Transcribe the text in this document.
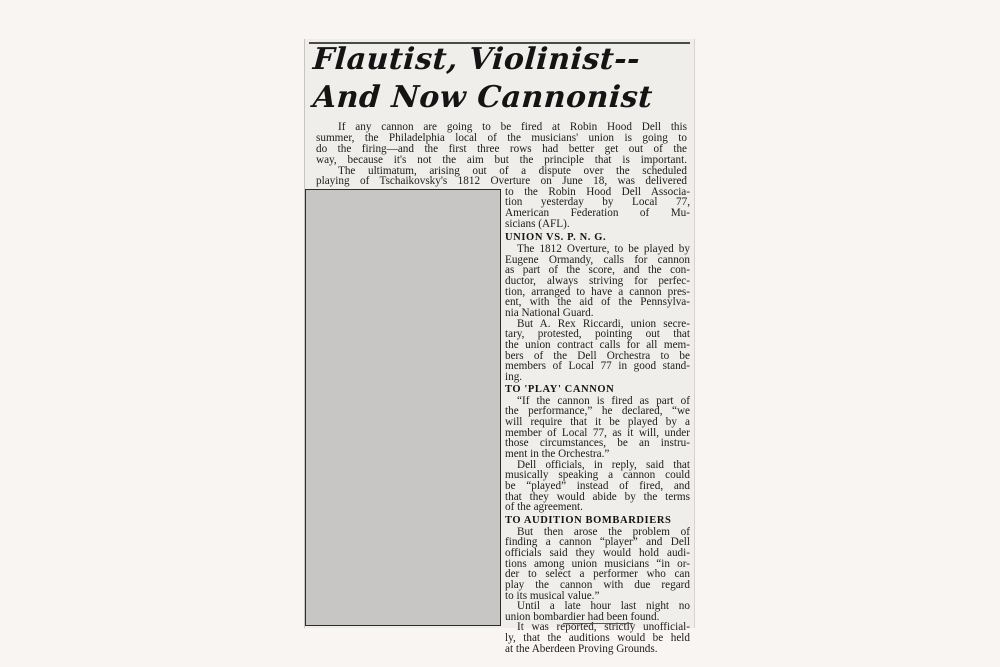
Flautist, Violinist--
And Now Cannonist

If any cannon are going to be fired at Robin Hood Dell this

summer, the Philadelphia local of the musicians' union is going to

do the firing—and the first three rows had better get out of the

way, because it's not the aim but the principle that is important.

The ultimatum, arising out of a dispute over the scheduled

playing of Tschaikovsky's 1812 Overture on June 18, was delivered

to the Robin Hood Dell Associa-

tion yesterday by Local 77,

American Federation of Mu-

sicians (AFL).

UNION VS. P. N. G.

The 1812 Overture, to be played by

Eugene Ormandy, calls for cannon

as part of the score, and the con-

ductor, always striving for perfec-

tion, arranged to have a cannon pres-

ent, with the aid of the Pennsylva-

nia National Guard.

But A. Rex Riccardi, union secre-

tary, protested, pointing out that

the union contract calls for all mem-

bers of the Dell Orchestra to be

members of Local 77 in good stand-

ing.

TO 'PLAY' CANNON

“If the cannon is fired as part of

the performance,” he declared, “we

will require that it be played by a

member of Local 77, as it will, under

those circumstances, be an instru-

ment in the Orchestra.”

Dell officials, in reply, said that

musically speaking a cannon could

be “played” instead of fired, and

that they would abide by the terms

of the agreement.

TO AUDITION BOMBARDIERS

But then arose the problem of

finding a cannon “player” and Dell

officials said they would hold audi-

tions among union musicians “in or-

der to select a performer who can

play the cannon with due regard

to its musical value.”

Until a late hour last night no

union bombardier had been found.

It was reported, strictly unofficial-

ly, that the auditions would be held

at the Aberdeen Proving Grounds.
